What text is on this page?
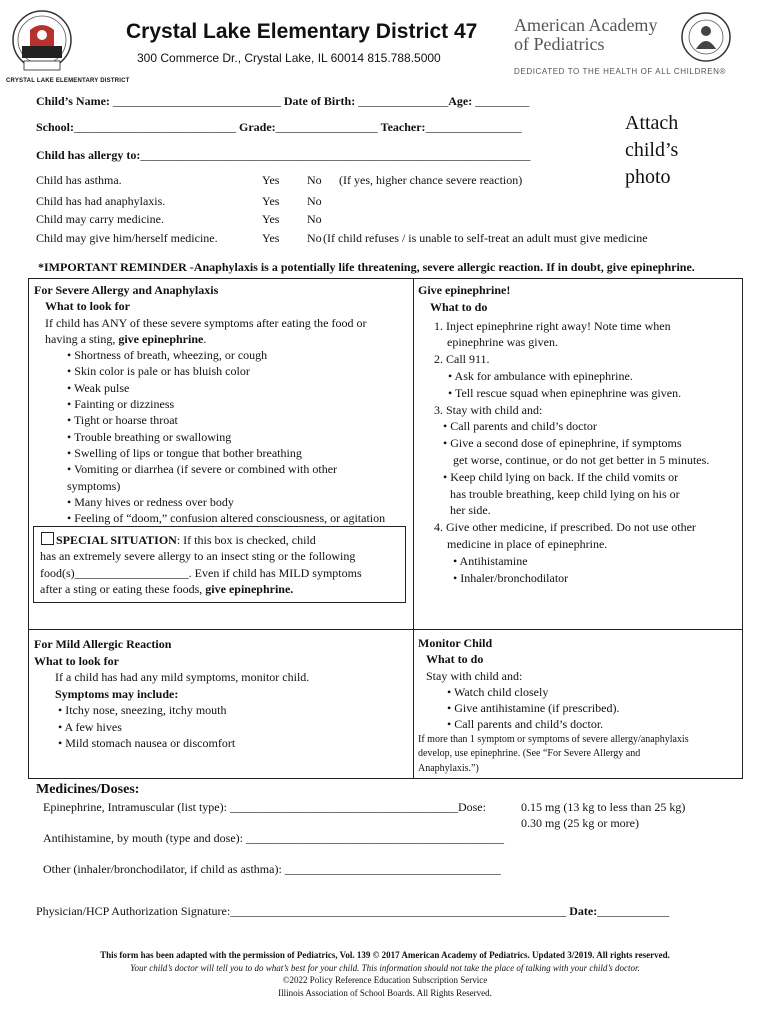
CRYSTAL LAKE ELEMENTARY DISTRICT
Crystal Lake Elementary District 47
300 Commerce Dr., Crystal Lake, IL 60014 815.788.5000
American Academy
of Pediatrics
DEDICATED TO THE HEALTH OF ALL CHILDREN®
Child’s Name: ____________________________ Date of Birth: _______________Age: _________
School:___________________________ Grade:_________________ Teacher:________________
Child has allergy to:_________________________________________________________________
Attach
child’s
photo
Child has asthma.	Yes No (If yes, higher chance severe reaction)
Child has had anaphylaxis.	Yes No
Child may carry medicine.	Yes No
Child may give him/herself medicine.	Yes No (If child refuses / is unable to self-treat an adult must give medicine
*IMPORTANT REMINDER -Anaphylaxis is a potentially life threatening, severe allergic reaction. If in doubt, give epinephrine.
For Severe Allergy and Anaphylaxis
What to look for
If child has ANY of these severe symptoms after eating the food or
having a sting, give epinephrine.
• Shortness of breath, wheezing, or cough
• Skin color is pale or has bluish color
• Weak pulse
• Fainting or dizziness
• Tight or hoarse throat
• Trouble breathing or swallowing
• Swelling of lips or tongue that bother breathing
• Vomiting or diarrhea (if severe or combined with other
symptoms)
• Many hives or redness over body
• Feeling of “doom,” confusion altered consciousness, or agitation
SPECIAL SITUATION: If this box is checked, child
has an extremely severe allergy to an insect sting or the following
food(s)___________________. Even if child has MILD symptoms
after a sting or eating these foods, give epinephrine.
Give epinephrine!
What to do
1. Inject epinephrine right away! Note time when
epinephrine was given.
2. Call 911.
• Ask for ambulance with epinephrine.
• Tell rescue squad when epinephrine was given.
3. Stay with child and:
• Call parents and child’s doctor
• Give a second dose of epinephrine, if symptoms
get worse, continue, or do not get better in 5 minutes.
• Keep child lying on back. If the child vomits or
has trouble breathing, keep child lying on his or
her side.
4. Give other medicine, if prescribed. Do not use other
medicine in place of epinephrine.
• Antihistamine
• Inhaler/bronchodilator
For Mild Allergic Reaction
What to look for
If a child has had any mild symptoms, monitor child.
Symptoms may include:
• Itchy nose, sneezing, itchy mouth
• A few hives
• Mild stomach nausea or discomfort
Monitor Child
What to do
Stay with child and:
• Watch child closely
• Give antihistamine (if prescribed).
• Call parents and child’s doctor.
If more than 1 symptom or symptoms of severe allergy/anaphylaxis
develop, use epinephrine. (See “For Severe Allergy and
Anaphylaxis.”)
Medicines/Doses:
Epinephrine, Intramuscular (list type): ______________________________________Dose:	0.15 mg (13 kg to less than 25 kg)
0.30 mg (25 kg or more)
Antihistamine, by mouth (type and dose): ___________________________________________
Other (inhaler/bronchodilator, if child as asthma): ____________________________________
Physician/HCP Authorization Signature:________________________________________________________ Date:____________
This form has been adapted with the permission of Pediatrics, Vol. 139 © 2017 American Academy of Pediatrics. Updated 3/2019. All rights reserved.
Your child’s doctor will tell you to do what’s best for your child. This information should not take the place of talking with your child’s doctor.
©2022 Policy Reference Education Subscription Service
Illinois Association of School Boards. All Rights Reserved.
